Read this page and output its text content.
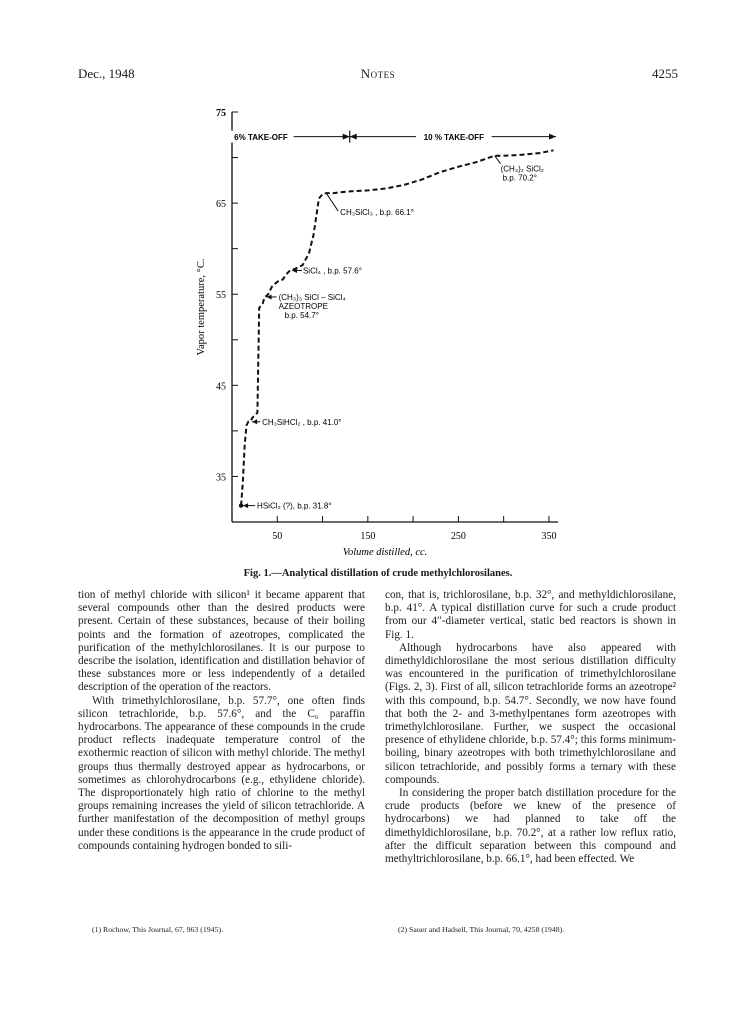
Dec., 1948	Notes	4255
75
65
55
45
35
50	150	250	350
Volume distilled, cc.
Vapor temperature, °C.
6% TAKE-OFF	10 % TAKE-OFF
HSiCl₃ (?), b.p. 31.8°
CH₃SiHCl₂ , b.p. 41.0°
(CH₃)₃ SiCl – SiCl₄
AZEOTROPE
b.p. 54.7°
SiCl₄ , b.p. 57.6°
CH₃SiCl₃ , b.p. 66.1°
(CH₃)₂ SiCl₂
b.p. 70.2°
Fig. 1.—Analytical distillation of crude methylchlorosilanes.

tion of methyl chloride with silicon¹ it became apparent that several compounds other than the desired products were present. Certain of these substances, because of their boiling points and the formation of azeotropes, complicated the purification of the methylchlorosilanes. It is our purpose to describe the isolation, identification and distillation behavior of these substances more or less independently of a detailed description of the operation of the reactors.

With trimethylchlorosilane, b.p. 57.7°, one often finds silicon tetrachloride, b.p. 57.6°, and the C₆ paraffin hydrocarbons. The appearance of these compounds in the crude product reflects inadequate temperature control of the exothermic reaction of silicon with methyl chloride. The methyl groups thus thermally destroyed appear as hydrocarbons, or sometimes as chlorohydrocarbons (e.g., ethylidene chloride). The disproportionately high ratio of chlorine to the methyl groups remaining increases the yield of silicon tetrachloride. A further manifestation of the decomposition of methyl groups under these conditions is the appearance in the crude product of compounds containing hydrogen bonded to sili-

con, that is, trichlorosilane, b.p. 32°, and methyldichlorosilane, b.p. 41°. A typical distillation curve for such a crude product from our 4″-diameter vertical, static bed reactors is shown in Fig. 1.

Although hydrocarbons have also appeared with dimethyldichlorosilane the most serious distillation difficulty was encountered in the purification of trimethylchlorosilane (Figs. 2, 3). First of all, silicon tetrachloride forms an azeotrope² with this compound, b.p. 54.7°. Secondly, we now have found that both the 2- and 3-methylpentanes form azeotropes with trimethylchlorosilane. Further, we suspect the occasional presence of ethylidene chloride, b.p. 57.4°; this forms minimum-boiling, binary azeotropes with both trimethylchlorosilane and silicon tetrachloride, and possibly forms a ternary with these compounds.

In considering the proper batch distillation procedure for the crude products (before we knew of the presence of hydrocarbons) we had planned to take off the dimethyldichlorosilane, b.p. 70.2°, at a rather low reflux ratio, after the difficult separation between this compound and methyltrichlorosilane, b.p. 66.1°, had been effected. We

(1) Rochow, This Journal, 67, 963 (1945).	(2) Sauer and Hadsell, This Journal, 70, 4258 (1948).
